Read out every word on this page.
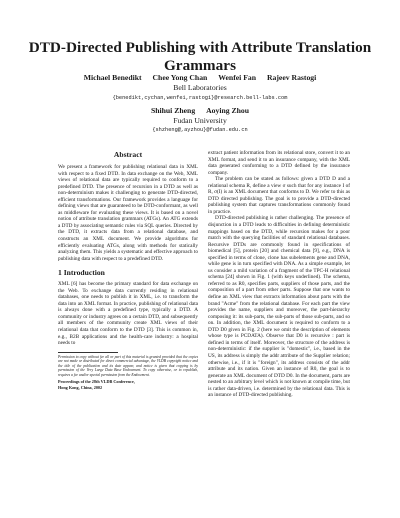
DTD-Directed Publishing with Attribute Translation Grammars
Michael Benedikt Chee Yong Chan Wenfei Fan Rajeev Rastogi
Bell Laboratories
{benedikt,cychan,wenfei,rastogi}@research.bell-labs.com
Shihui Zheng Aoying Zhou
Fudan University
{shzheng@,ayzhou}@fudan.edu.cn
Abstract

We present a framework for publishing relational data in XML with respect to a fixed DTD. In data exchange on the Web, XML views of relational data are typically required to conform to a predefined DTD. The presence of recursion in a DTD as well as non-determinism makes it challenging to generate DTD-directed, efficient transformations. Our framework provides a language for defining views that are guaranteed to be DTD-conformant, as well as middleware for evaluating these views. It is based on a novel notion of attribute translation grammars (ATGs). An ATG extends a DTD by associating semantic rules via SQL queries. Directed by the DTD, it extracts data from a relational database, and constructs an XML document. We provide algorithms for efficiently evaluating ATGs, along with methods for statically analyzing them. This yields a systematic and effective approach to publishing data with respect to a predefined DTD.

1 Introduction

XML [6] has become the primary standard for data exchange on the Web. To exchange data currently residing in relational databases, one needs to publish it in XML, i.e. to transform the data into an XML format. In practice, publishing of relational data is always done with a predefined type, typically a DTD. A community or industry agrees on a certain DTD, and subsequently all members of the community create XML views of their relational data that conform to the DTD [3]. This is common in, e.g., B2B applications and the health-care industry: a hospital needs to

Permission to copy without fee all or part of this material is granted provided that the copies are not made or distributed for direct commercial advantage, the VLDB copyright notice and the title of the publication and its date appear, and notice is given that copying is by permission of the Very Large Data Base Endowment. To copy otherwise, or to republish, requires a fee and/or special permission from the Endowment.

Proceedings of the 28th VLDB Conference,
Hong Kong, China, 2002

extract patient information from its relational store, convert it to an XML format, and send it to an insurance company, with the XML data generated conforming to a DTD defined by the insurance company.

The problem can be stated as follows: given a DTD D and a relational schema R, define a view σ such that for any instance I of R, σ(I) is an XML document that conforms to D. We refer to this as DTD directed publishing. The goal is to provide a DTD-directed publishing system that captures transformations commonly found in practice.

DTD-directed publishing is rather challenging. The presence of disjunction in a DTD leads to difficulties in defining deterministic mappings based on the DTD, while recursion makes for a poor match with the querying facilities of standard relational databases. Recursive DTDs are commonly found in specifications of biomedical [5], protein [20] and chemical data [9], e.g., DNA is specified in terms of clone, clone has subelements gene and DNA, while gene is in turn specified with DNA. As a simple example, let us consider a mild variation of a fragment of the TPC-H relational schema [24] shown in Fig. 1 (with keys underlined). The schema, referred to as R0, specifies parts, suppliers of those parts, and the composition of a part from other parts. Suppose that one wants to define an XML view that extracts information about parts with the brand "Acme" from the relational database. For each part the view provides the name, suppliers and moreover, the part-hierarchy composing it: its sub-parts, the sub-parts of those sub-parts, and so on. In addition, the XML document is required to conform to a DTD D0 given in Fig. 2 (here we omit the description of elements whose type is PCDATA). Observe that D0 is recursive : part is defined in terms of itself. Moreover, the structure of the address is non-deterministic: if the supplier is "domestic", i.e., based in the US, its address is simply the addr attribute of the Supplier relation; otherwise, i.e., if it is "foreign", its address consists of the addr attribute and its nation. Given an instance of R0, the goal is to generate an XML document of DTD D0. In the document, parts are nested to an arbitrary level which is not known at compile time, but is rather data-driven, i.e. determined by the relational data. This is an instance of DTD-directed publishing.
